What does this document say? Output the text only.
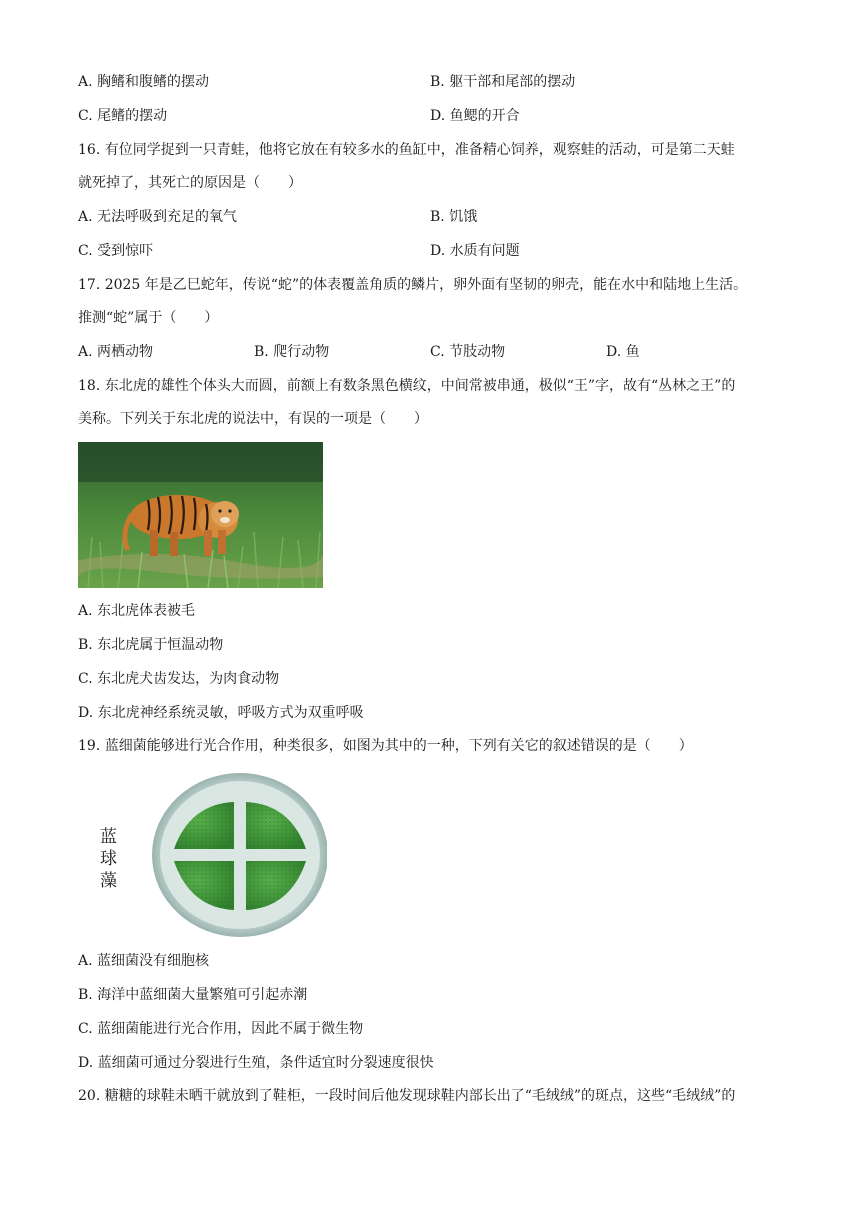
A. 胸鳍和腹鳍的摆动	B. 躯干部和尾部的摆动
C. 尾鳍的摆动	D. 鱼鳃的开合
16. 有位同学捉到一只青蛙，他将它放在有较多水的鱼缸中，准备精心饲养，观察蛙的活动，可是第二天蛙
就死掉了，其死亡的原因是（　　）
A. 无法呼吸到充足的氧气	B. 饥饿
C. 受到惊吓	D. 水质有问题
17. 2025 年是乙巳蛇年，传说“蛇”的体表覆盖角质的鳞片，卵外面有坚韧的卵壳，能在水中和陆地上生活。
推测“蛇”属于（　　）
A. 两栖动物	B. 爬行动物	C. 节肢动物	D. 鱼
18. 东北虎的雄性个体头大而圆，前额上有数条黑色横纹，中间常被串通，极似“王”字，故有“丛林之王”的
美称。下列关于东北虎的说法中，有误的一项是（　　）
A. 东北虎体表被毛
B. 东北虎属于恒温动物
C. 东北虎犬齿发达，为肉食动物
D. 东北虎神经系统灵敏，呼吸方式为双重呼吸
19. 蓝细菌能够进行光合作用，种类很多，如图为其中的一种，下列有关它的叙述错误的是（　　）
蓝
球
藻
A. 蓝细菌没有细胞核
B. 海洋中蓝细菌大量繁殖可引起赤潮
C. 蓝细菌能进行光合作用，因此不属于微生物
D. 蓝细菌可通过分裂进行生殖，条件适宜时分裂速度很快
20. 糖糖的球鞋未晒干就放到了鞋柜，一段时间后他发现球鞋内部长出了“毛绒绒”的斑点，这些“毛绒绒”的
